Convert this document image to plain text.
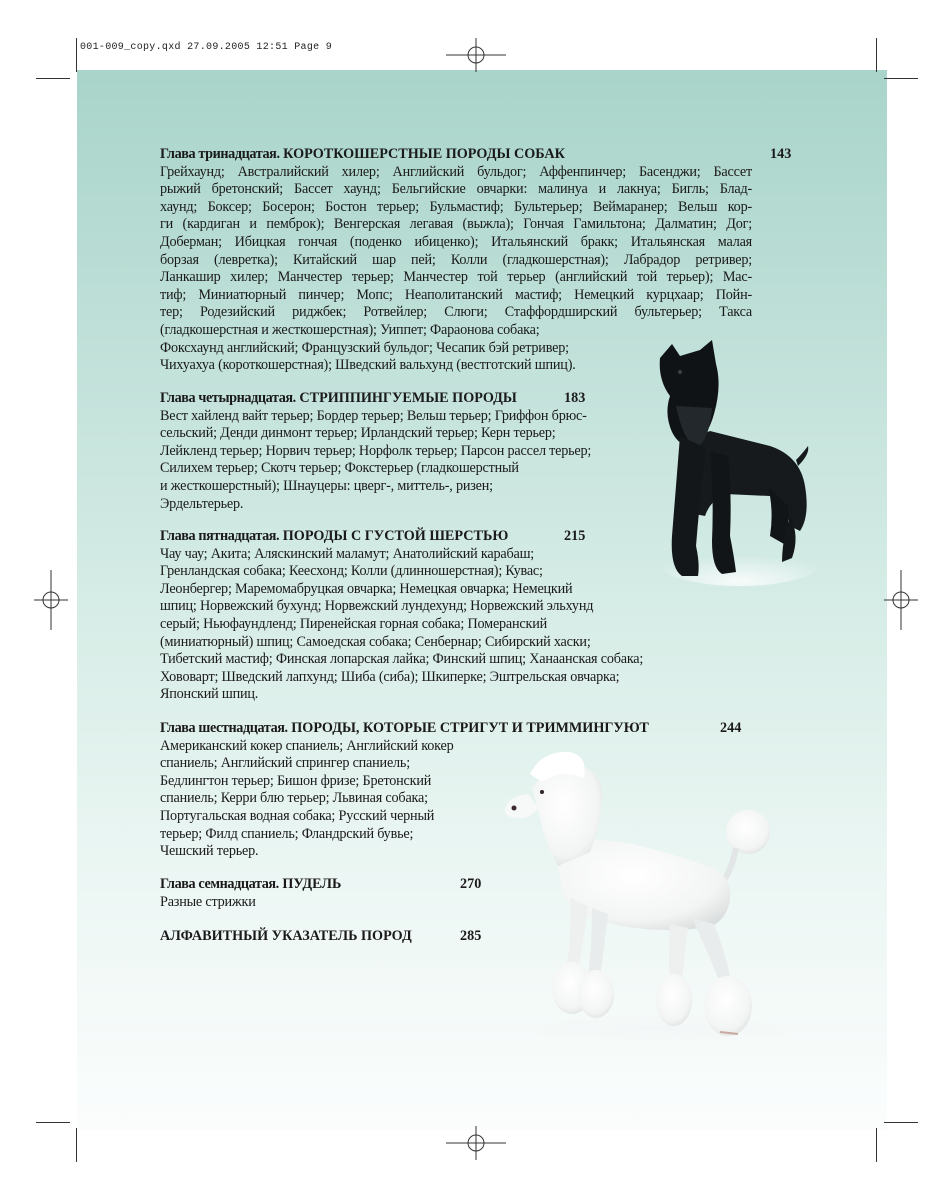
001-009_copy.qxd 27.09.2005 12:51 Page 9
Глава тринадцатая. КОРОТКОШЕРСТНЫЕ ПОРОДЫ СОБАК	143
Грейхаунд; Австралийский хилер; Английский бульдог; Аффенпинчер; Басенджи; Бассет
рыжий бретонский; Бассет хаунд; Бельгийские овчарки: малинуа и лакнуа; Бигль; Блад-
хаунд; Боксер; Босерон; Бостон терьер; Бульмастиф; Бультерьер; Веймаранер; Вельш кор-
ги (кардиган и пемброк); Венгерская легавая (выжла); Гончая Гамильтона; Далматин; Дог;
Доберман; Ибицкая гончая (поденко ибиценко); Итальянский бракк; Итальянская малая
борзая (левретка); Китайский шар пей; Колли (гладкошерстная); Лабрадор ретривер;
Ланкашир хилер; Манчестер терьер; Манчестер той терьер (английский той терьер); Мас-
тиф; Миниатюрный пинчер; Мопс; Неаполитанский мастиф; Немецкий курцхаар; Пойн-
тер; Родезийский риджбек; Ротвейлер; Слюги; Стаффордширский бультерьер; Такса
(гладкошерстная и жесткошерстная); Уиппет; Фараонова собака;
Фоксхаунд английский; Французский бульдог; Чесапик бэй ретривер;
Чихуахуа (короткошерстная); Шведский вальхунд (вестготский шпиц).
Глава четырнадцатая. СТРИППИНГУЕМЫЕ ПОРОДЫ	183
Вест хайленд вайт терьер; Бордер терьер; Вельш терьер; Гриффон брюс-
сельский; Денди динмонт терьер; Ирландский терьер; Керн терьер;
Лейкленд терьер; Норвич терьер; Норфолк терьер; Парсон рассел терьер;
Силихем терьер; Скотч терьер; Фокстерьер (гладкошерстный
и жесткошерстный); Шнауцеры: цверг-, миттель-, ризен;
Эрдельтерьер.
Глава пятнадцатая. ПОРОДЫ С ГУСТОЙ ШЕРСТЬЮ	215
Чау чау; Акита; Аляскинский маламут; Анатолийский карабаш;
Гренландская собака; Кеесхонд; Колли (длинношерстная); Кувас;
Леонбергер; Маремомабруцкая овчарка; Немецкая овчарка; Немецкий
шпиц; Норвежский бухунд; Норвежский лундехунд; Норвежский эльхунд
серый; Ньюфаундленд; Пиренейская горная собака; Померанский
(миниатюрный) шпиц; Самоедская собака; Сенбернар; Сибирский хаски;
Тибетский мастиф; Финская лопарская лайка; Финский шпиц; Ханаанская собака;
Хововарт; Шведский лапхунд; Шиба (сиба); Шкиперке; Эштрельская овчарка;
Японский шпиц.
Глава шестнадцатая. ПОРОДЫ, КОТОРЫЕ СТРИГУТ И ТРИММИНГУЮТ	244
Американский кокер спаниель; Английский кокер
спаниель; Английский спрингер спаниель;
Бедлингтон терьер; Бишон фризе; Бретонский
спаниель; Керри блю терьер; Львиная собака;
Португальская водная собака; Русский черный
терьер; Филд спаниель; Фландрский бувье;
Чешский терьер.
Глава семнадцатая. ПУДЕЛЬ	270
Разные стрижки
АЛФАВИТНЫЙ УКАЗАТЕЛЬ ПОРОД	285
